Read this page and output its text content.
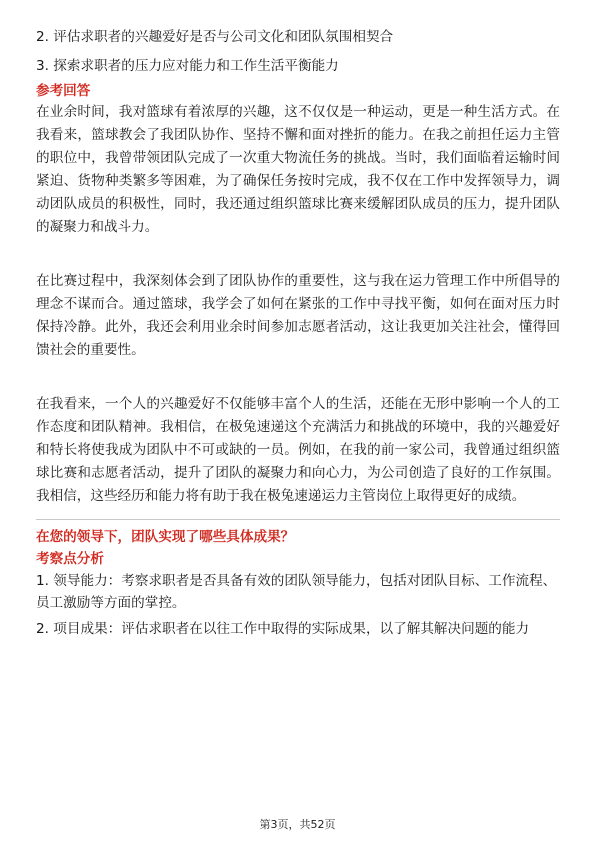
2. 评估求职者的兴趣爱好是否与公司文化和团队氛围相契合

3. 探索求职者的压力应对能力和工作生活平衡能力

参考回答

在业余时间，我对篮球有着浓厚的兴趣，这不仅仅是一种运动，更是一种生活方式。在我看来，篮球教会了我团队协作、坚持不懈和面对挫折的能力。在我之前担任运力主管的职位中，我曾带领团队完成了一次重大物流任务的挑战。当时，我们面临着运输时间紧迫、货物种类繁多等困难，为了确保任务按时完成，我不仅在工作中发挥领导力，调动团队成员的积极性，同时，我还通过组织篮球比赛来缓解团队成员的压力，提升团队的凝聚力和战斗力。

在比赛过程中，我深刻体会到了团队协作的重要性，这与我在运力管理工作中所倡导的理念不谋而合。通过篮球，我学会了如何在紧张的工作中寻找平衡，如何在面对压力时保持冷静。此外，我还会利用业余时间参加志愿者活动，这让我更加关注社会，懂得回馈社会的重要性。

在我看来，一个人的兴趣爱好不仅能够丰富个人的生活，还能在无形中影响一个人的工作态度和团队精神。我相信，在极兔速递这个充满活力和挑战的环境中，我的兴趣爱好和特长将使我成为团队中不可或缺的一员。例如，在我的前一家公司，我曾通过组织篮球比赛和志愿者活动，提升了团队的凝聚力和向心力，为公司创造了良好的工作氛围。我相信，这些经历和能力将有助于我在极兔速递运力主管岗位上取得更好的成绩。

在您的领导下，团队实现了哪些具体成果？

考察点分析

1. 领导能力：考察求职者是否具备有效的团队领导能力，包括对团队目标、工作流程、员工激励等方面的掌控。

2. 项目成果：评估求职者在以往工作中取得的实际成果，以了解其解决问题的能力

第3页，共52页
